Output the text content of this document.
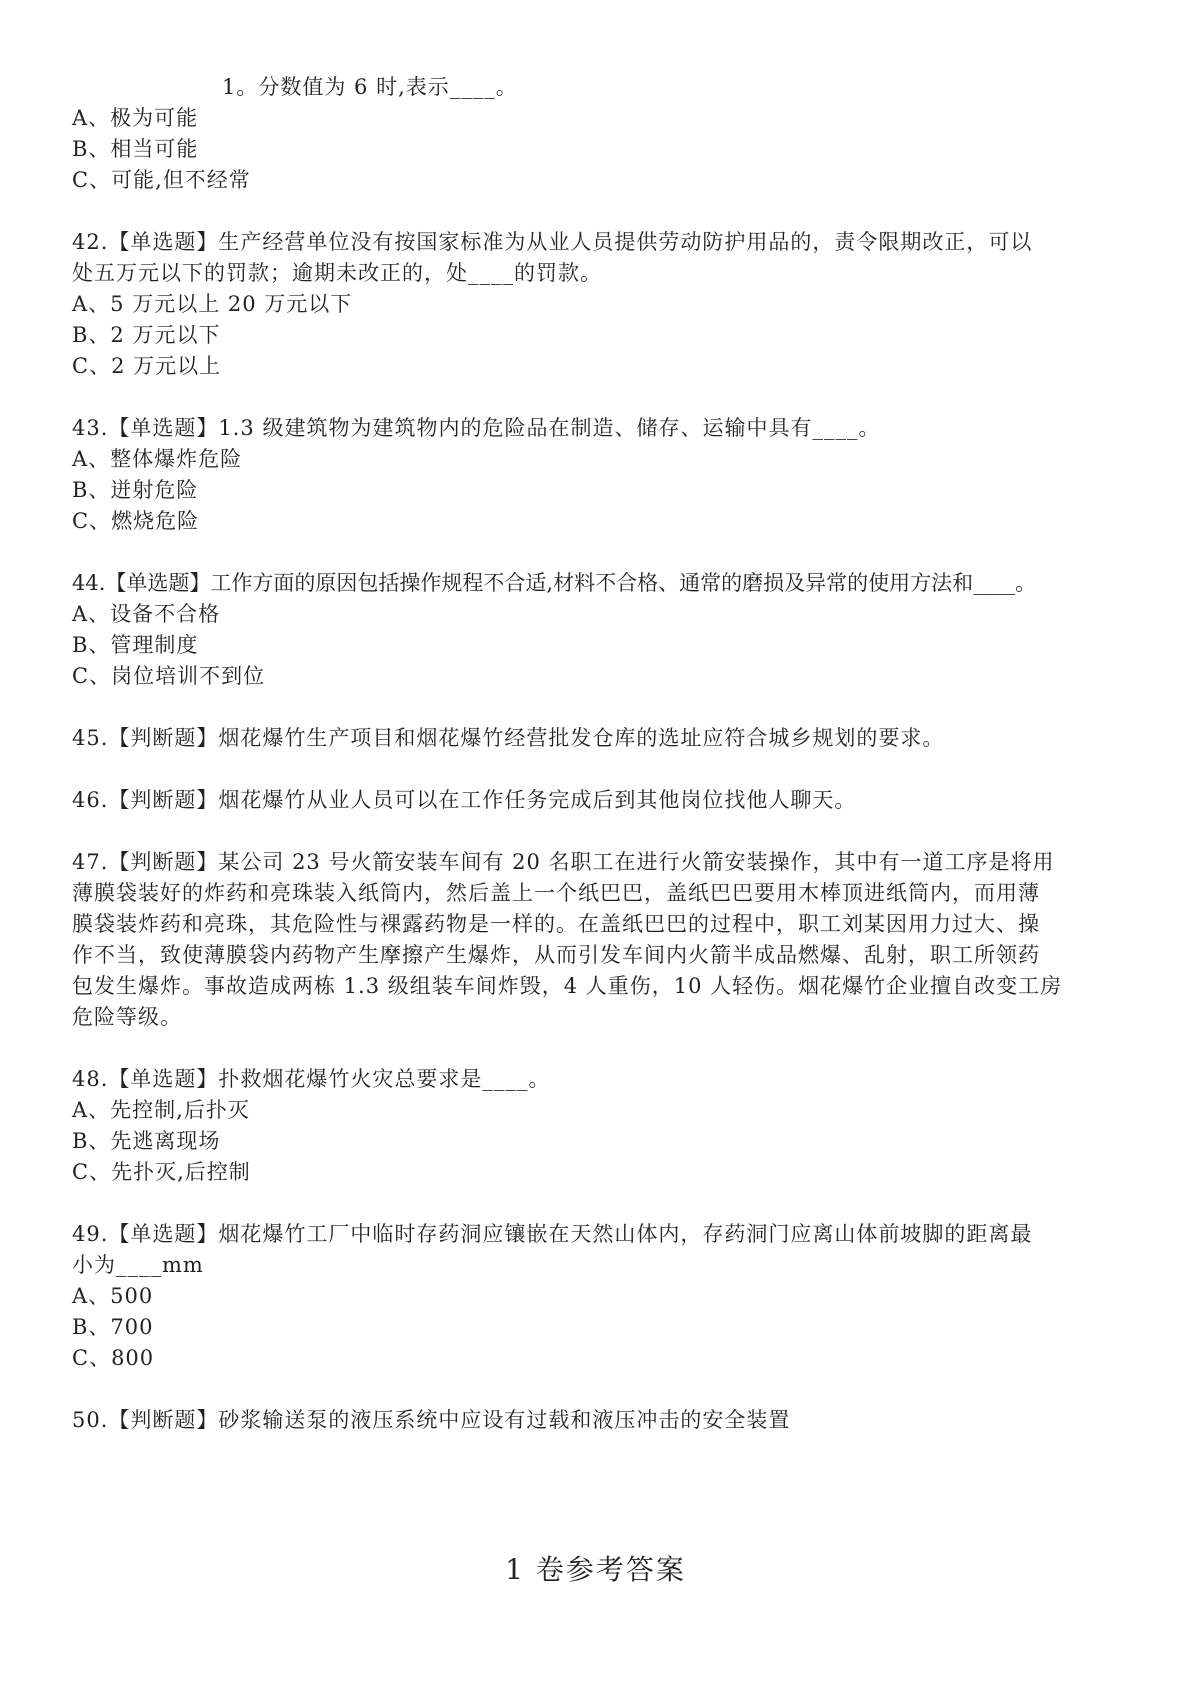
1。分数值为 6 时,表示____。
A、极为可能
B、相当可能
C、可能,但不经常
42.【单选题】生产经营单位没有按国家标准为从业人员提供劳动防护用品的，责令限期改正，可以
处五万元以下的罚款；逾期未改正的，处____的罚款。
A、5 万元以上 20 万元以下
B、2 万元以下
C、2 万元以上
43.【单选题】1.3 级建筑物为建筑物内的危险品在制造、储存、运输中具有____。
A、整体爆炸危险
B、迸射危险
C、燃烧危险
44.【单选题】工作方面的原因包括操作规程不合适,材料不合格、通常的磨损及异常的使用方法和____。
A、设备不合格
B、管理制度
C、岗位培训不到位
45.【判断题】烟花爆竹生产项目和烟花爆竹经营批发仓库的选址应符合城乡规划的要求。
46.【判断题】烟花爆竹从业人员可以在工作任务完成后到其他岗位找他人聊天。
47.【判断题】某公司 23 号火箭安装车间有 20 名职工在进行火箭安装操作，其中有一道工序是将用
薄膜袋装好的炸药和亮珠装入纸筒内，然后盖上一个纸巴巴，盖纸巴巴要用木棒顶进纸筒内，而用薄
膜袋装炸药和亮珠，其危险性与裸露药物是一样的。在盖纸巴巴的过程中，职工刘某因用力过大、操
作不当，致使薄膜袋内药物产生摩擦产生爆炸，从而引发车间内火箭半成品燃爆、乱射，职工所领药
包发生爆炸。事故造成两栋 1.3 级组装车间炸毁，4 人重伤，10 人轻伤。烟花爆竹企业擅自改变工房
危险等级。
48.【单选题】扑救烟花爆竹火灾总要求是____。
A、先控制,后扑灭
B、先逃离现场
C、先扑灭,后控制
49.【单选题】烟花爆竹工厂中临时存药洞应镶嵌在天然山体内，存药洞门应离山体前坡脚的距离最
小为____mm
A、500
B、700
C、800
50.【判断题】砂浆输送泵的液压系统中应设有过载和液压冲击的安全装置
1 卷参考答案
